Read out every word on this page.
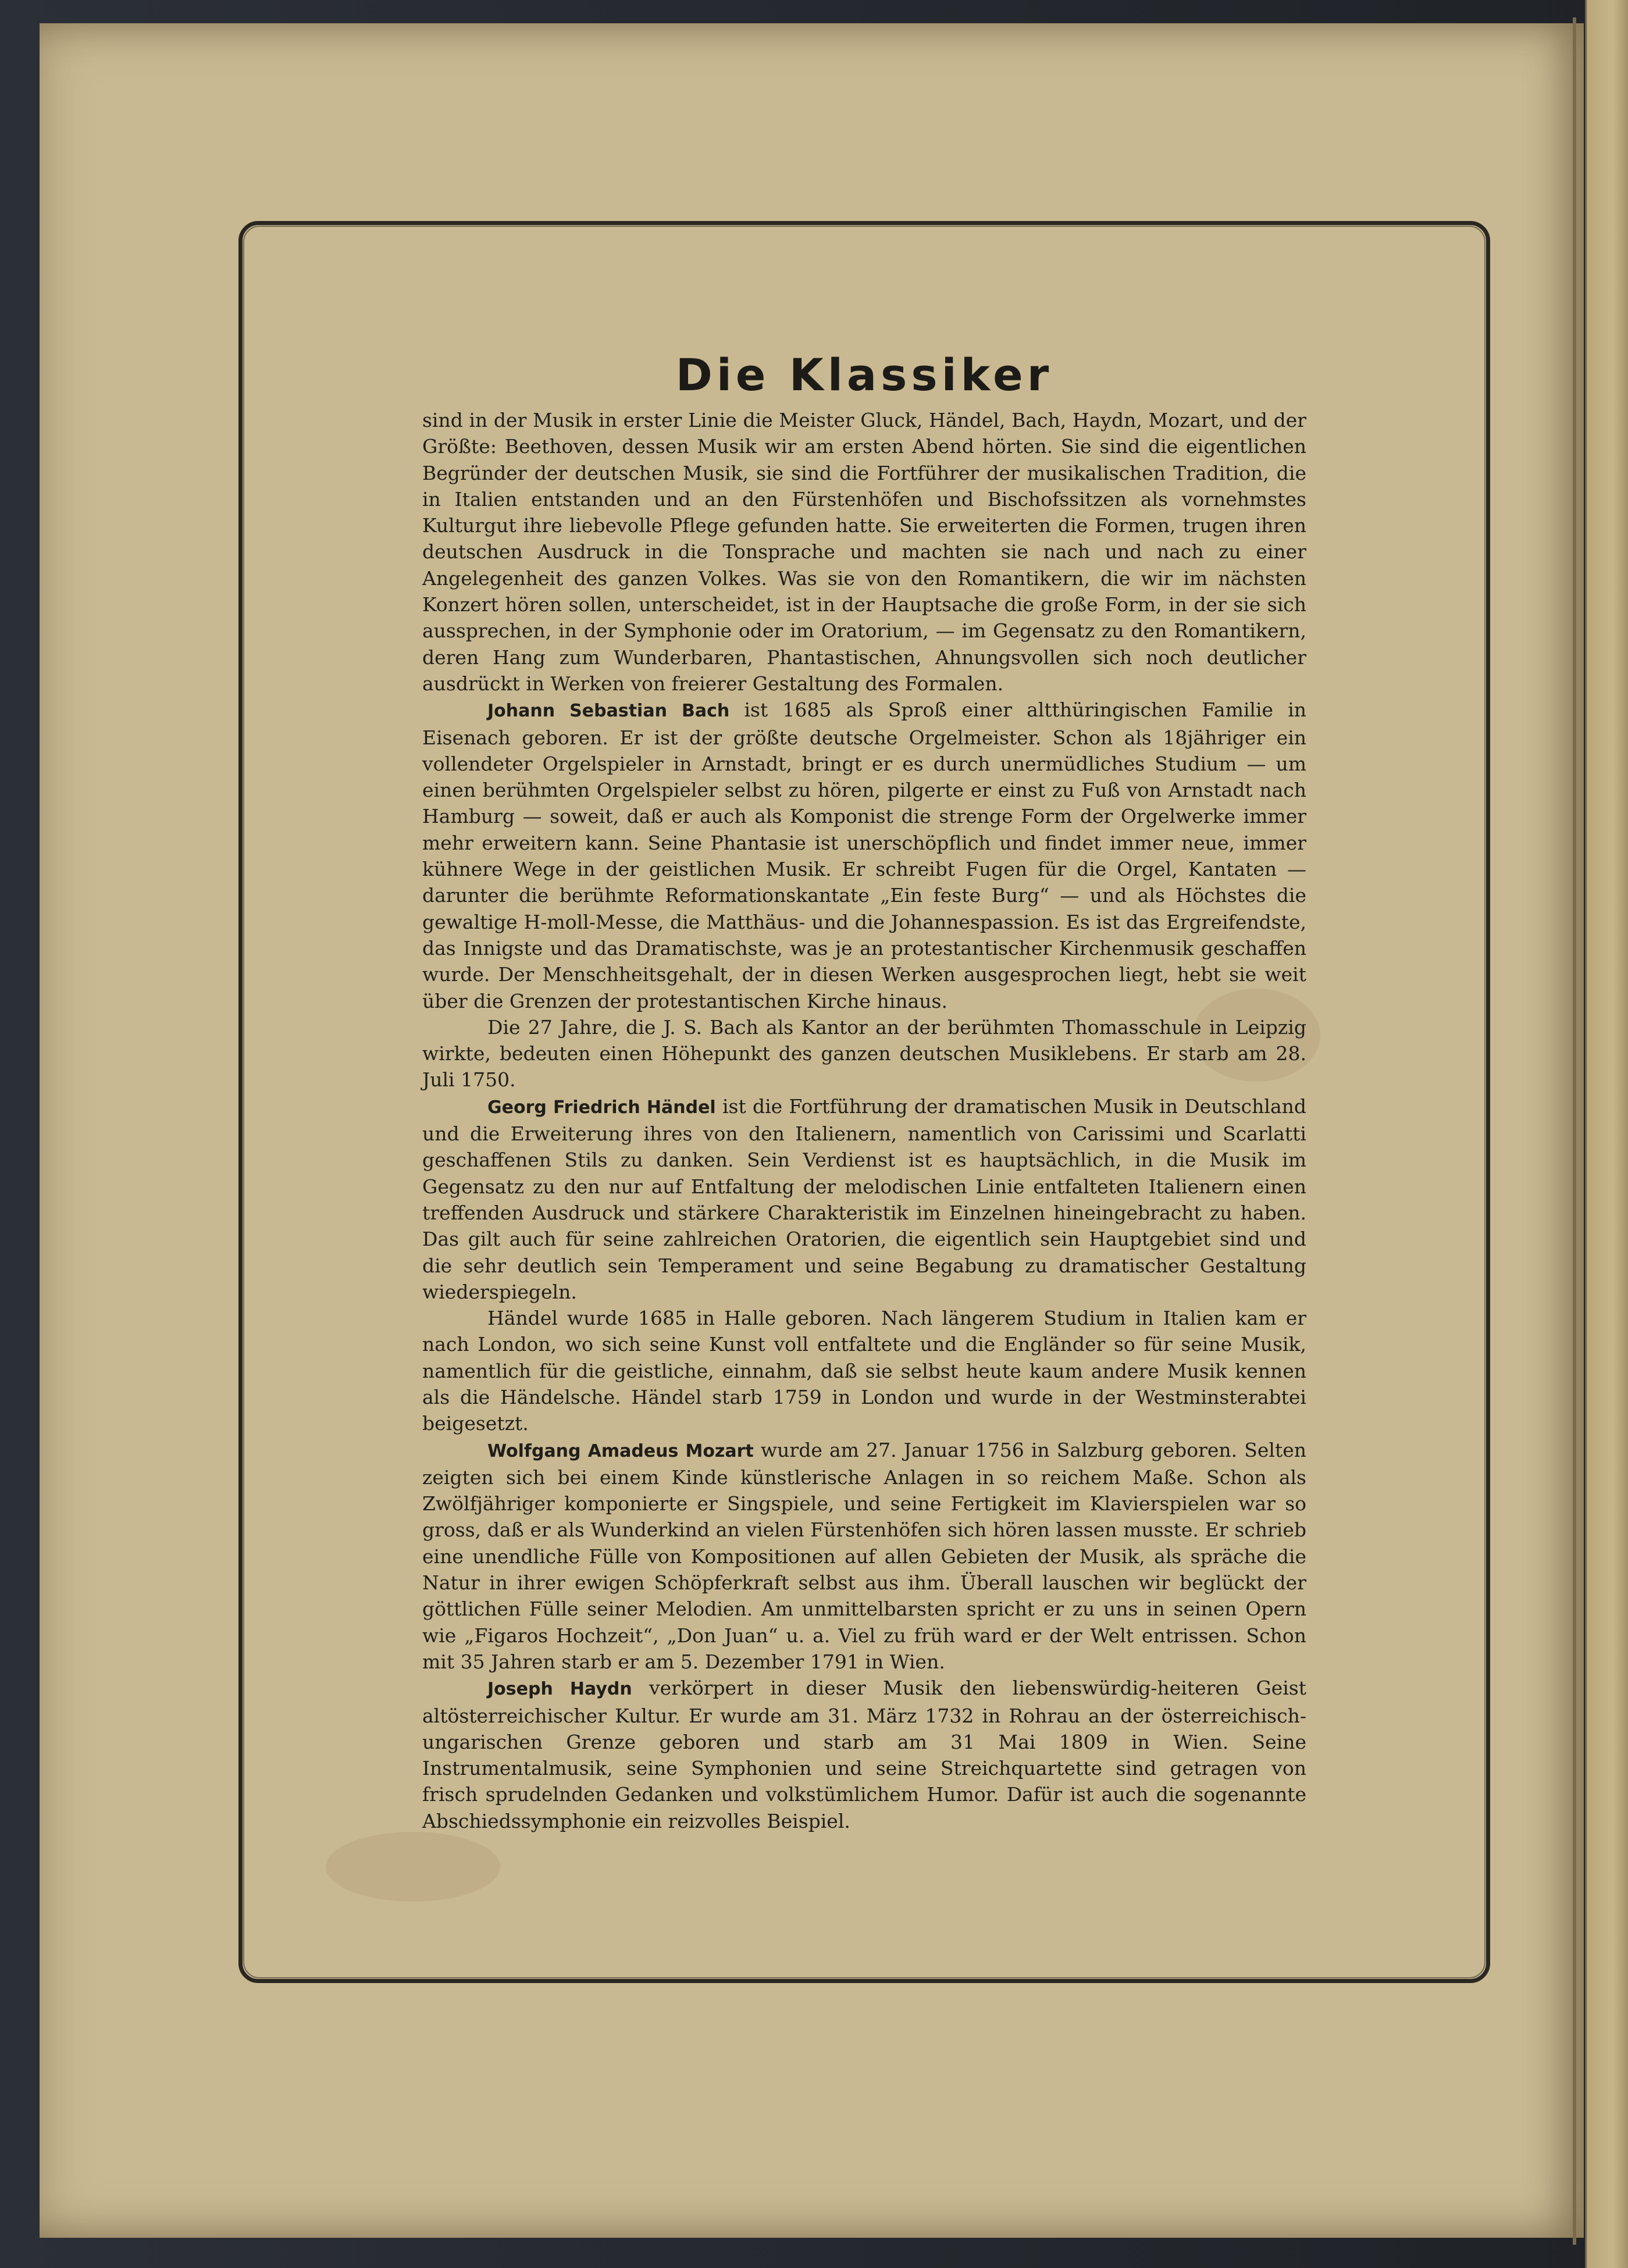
Die Klassiker

sind in der Musik in erster Linie die Meister Gluck, Händel, Bach, Haydn, Mozart, und der Größte: Beethoven, dessen Musik wir am ersten Abend hörten. Sie sind die eigentlichen Begründer der deutschen Musik, sie sind die Fortführer der musikalischen Tradition, die in Italien entstanden und an den Fürstenhöfen und Bischofssitzen als vornehmstes Kulturgut ihre liebevolle Pflege gefunden hatte. Sie erweiterten die Formen, trugen ihren deutschen Ausdruck in die Tonsprache und machten sie nach und nach zu einer Angelegenheit des ganzen Volkes. Was sie von den Romantikern, die wir im nächsten Konzert hören sollen, unterscheidet, ist in der Hauptsache die große Form, in der sie sich aussprechen, in der Symphonie oder im Oratorium, — im Gegensatz zu den Romantikern, deren Hang zum Wunderbaren, Phantastischen, Ahnungsvollen sich noch deutlicher ausdrückt in Werken von freierer Gestaltung des Formalen.

Johann Sebastian Bach ist 1685 als Sproß einer altthüringischen Familie in Eisenach geboren. Er ist der größte deutsche Orgelmeister. Schon als 18jähriger ein vollendeter Orgelspieler in Arnstadt, bringt er es durch unermüdliches Studium — um einen berühmten Orgelspieler selbst zu hören, pilgerte er einst zu Fuß von Arnstadt nach Hamburg — soweit, daß er auch als Komponist die strenge Form der Orgelwerke immer mehr erweitern kann. Seine Phantasie ist unerschöpflich und findet immer neue, immer kühnere Wege in der geistlichen Musik. Er schreibt Fugen für die Orgel, Kantaten — darunter die berühmte Reformationskantate „Ein feste Burg“ — und als Höchstes die gewaltige H-moll-Messe, die Matthäus- und die Johannespassion. Es ist das Ergreifendste, das Innigste und das Dramatischste, was je an protestantischer Kirchenmusik geschaffen wurde. Der Menschheitsgehalt, der in diesen Werken ausgesprochen liegt, hebt sie weit über die Grenzen der protestantischen Kirche hinaus.

Die 27 Jahre, die J. S. Bach als Kantor an der berühmten Thomasschule in Leipzig wirkte, bedeuten einen Höhepunkt des ganzen deutschen Musiklebens. Er starb am 28. Juli 1750.

Georg Friedrich Händel ist die Fortführung der dramatischen Musik in Deutschland und die Erweiterung ihres von den Italienern, namentlich von Carissimi und Scarlatti geschaffenen Stils zu danken. Sein Verdienst ist es hauptsächlich, in die Musik im Gegensatz zu den nur auf Entfaltung der melodischen Linie entfalteten Italienern einen treffenden Ausdruck und stärkere Charakteristik im Einzelnen hineingebracht zu haben. Das gilt auch für seine zahlreichen Oratorien, die eigentlich sein Hauptgebiet sind und die sehr deutlich sein Temperament und seine Begabung zu dramatischer Gestaltung wiederspiegeln.

Händel wurde 1685 in Halle geboren. Nach längerem Studium in Italien kam er nach London, wo sich seine Kunst voll entfaltete und die Engländer so für seine Musik, namentlich für die geistliche, einnahm, daß sie selbst heute kaum andere Musik kennen als die Händelsche. Händel starb 1759 in London und wurde in der Westminsterabtei beigesetzt.

Wolfgang Amadeus Mozart wurde am 27. Januar 1756 in Salzburg geboren. Selten zeigten sich bei einem Kinde künstlerische Anlagen in so reichem Maße. Schon als Zwölfjähriger komponierte er Singspiele, und seine Fertigkeit im Klavierspielen war so gross, daß er als Wunderkind an vielen Fürstenhöfen sich hören lassen musste. Er schrieb eine unendliche Fülle von Kompositionen auf allen Gebieten der Musik, als spräche die Natur in ihrer ewigen Schöpferkraft selbst aus ihm. Überall lauschen wir beglückt der göttlichen Fülle seiner Melodien. Am unmittelbarsten spricht er zu uns in seinen Opern wie „Figaros Hochzeit“, „Don Juan“ u. a. Viel zu früh ward er der Welt entrissen. Schon mit 35 Jahren starb er am 5. Dezember 1791 in Wien.

Joseph Haydn verkörpert in dieser Musik den liebenswürdig-heiteren Geist altösterreichischer Kultur. Er wurde am 31. März 1732 in Rohrau an der österreichisch-ungarischen Grenze geboren und starb am 31 Mai 1809 in Wien. Seine Instrumentalmusik, seine Symphonien und seine Streichquartette sind getragen von frisch sprudelnden Gedanken und volkstümlichem Humor. Dafür ist auch die sogenannte Abschiedssymphonie ein reizvolles Beispiel.
